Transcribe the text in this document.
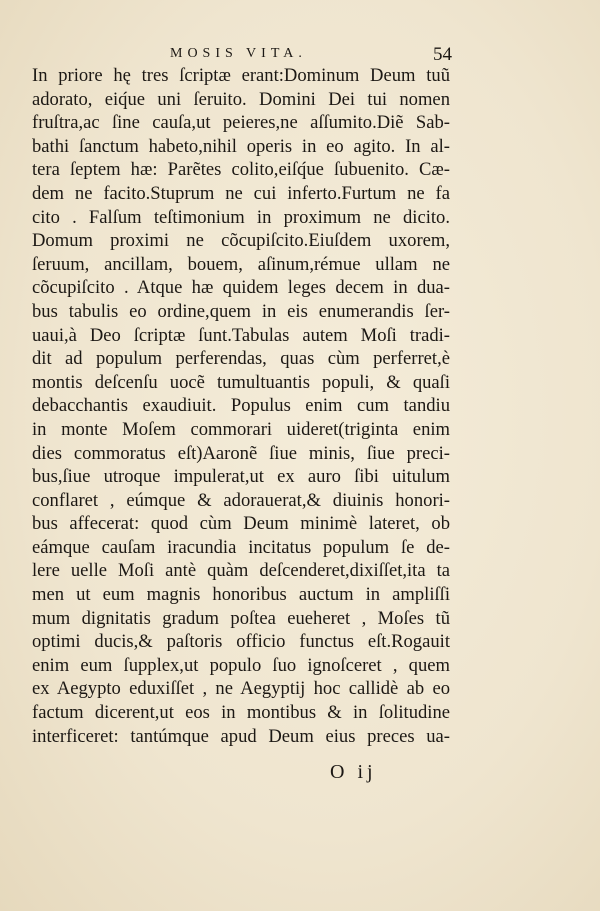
MOSIS VITA.	54
In priore hę tres ſcriptæ erant:Dominum Deum tuũ
adorato, eiq́ue uni ſeruito. Domini Dei tui nomen
fruſtra,ac ſine cauſa,ut peieres,ne aſſumito.Diẽ Sab-
bathi ſanctum habeto,nihil operis in eo agito. In al-
tera ſeptem hæ: Parẽtes colito,eiſq́ue ſubuenito. Cæ-
dem ne facito.Stuprum ne cui inferto.Furtum ne fa
cito . Falſum teſtimonium in proximum ne dicito.
Domum proximi ne cõcupiſcito.Eiuſdem uxorem,
ſeruum, ancillam, bouem, aſinum,rémue ullam ne
cõcupiſcito . Atque hæ quidem leges decem in dua-
bus tabulis eo ordine,quem in eis enumerandis ſer-
uaui,à Deo ſcriptæ ſunt.Tabulas autem Moſi tradi-
dit ad populum perferendas, quas cùm perferret,è
montis deſcenſu uocẽ tumultuantis populi, & quaſi
debacchantis exaudiuit. Populus enim cum tandiu
in monte Moſem commorari uideret(triginta enim
dies commoratus eſt)Aaronẽ ſiue minis, ſiue preci-
bus,ſiue utroque impulerat,ut ex auro ſibi uitulum
conflaret , eúmque & adorauerat,& diuinis honori-
bus affecerat: quod cùm Deum minimè lateret, ob
eámque cauſam iracundia incitatus populum ſe de-
lere uelle Moſi antè quàm deſcenderet,dixiſſet,ita ta
men ut eum magnis honoribus auctum in ampliſſi
mum dignitatis gradum poſtea eueheret , Moſes tũ
optimi ducis,& paſtoris officio functus eſt.Rogauit
enim eum ſupplex,ut populo ſuo ignoſceret , quem
ex Aegypto eduxiſſet , ne Aegyptij hoc callidè ab eo
factum dicerent,ut eos in montibus & in ſolitudine
interficeret: tantúmque apud Deum eius preces ua-
O ij
